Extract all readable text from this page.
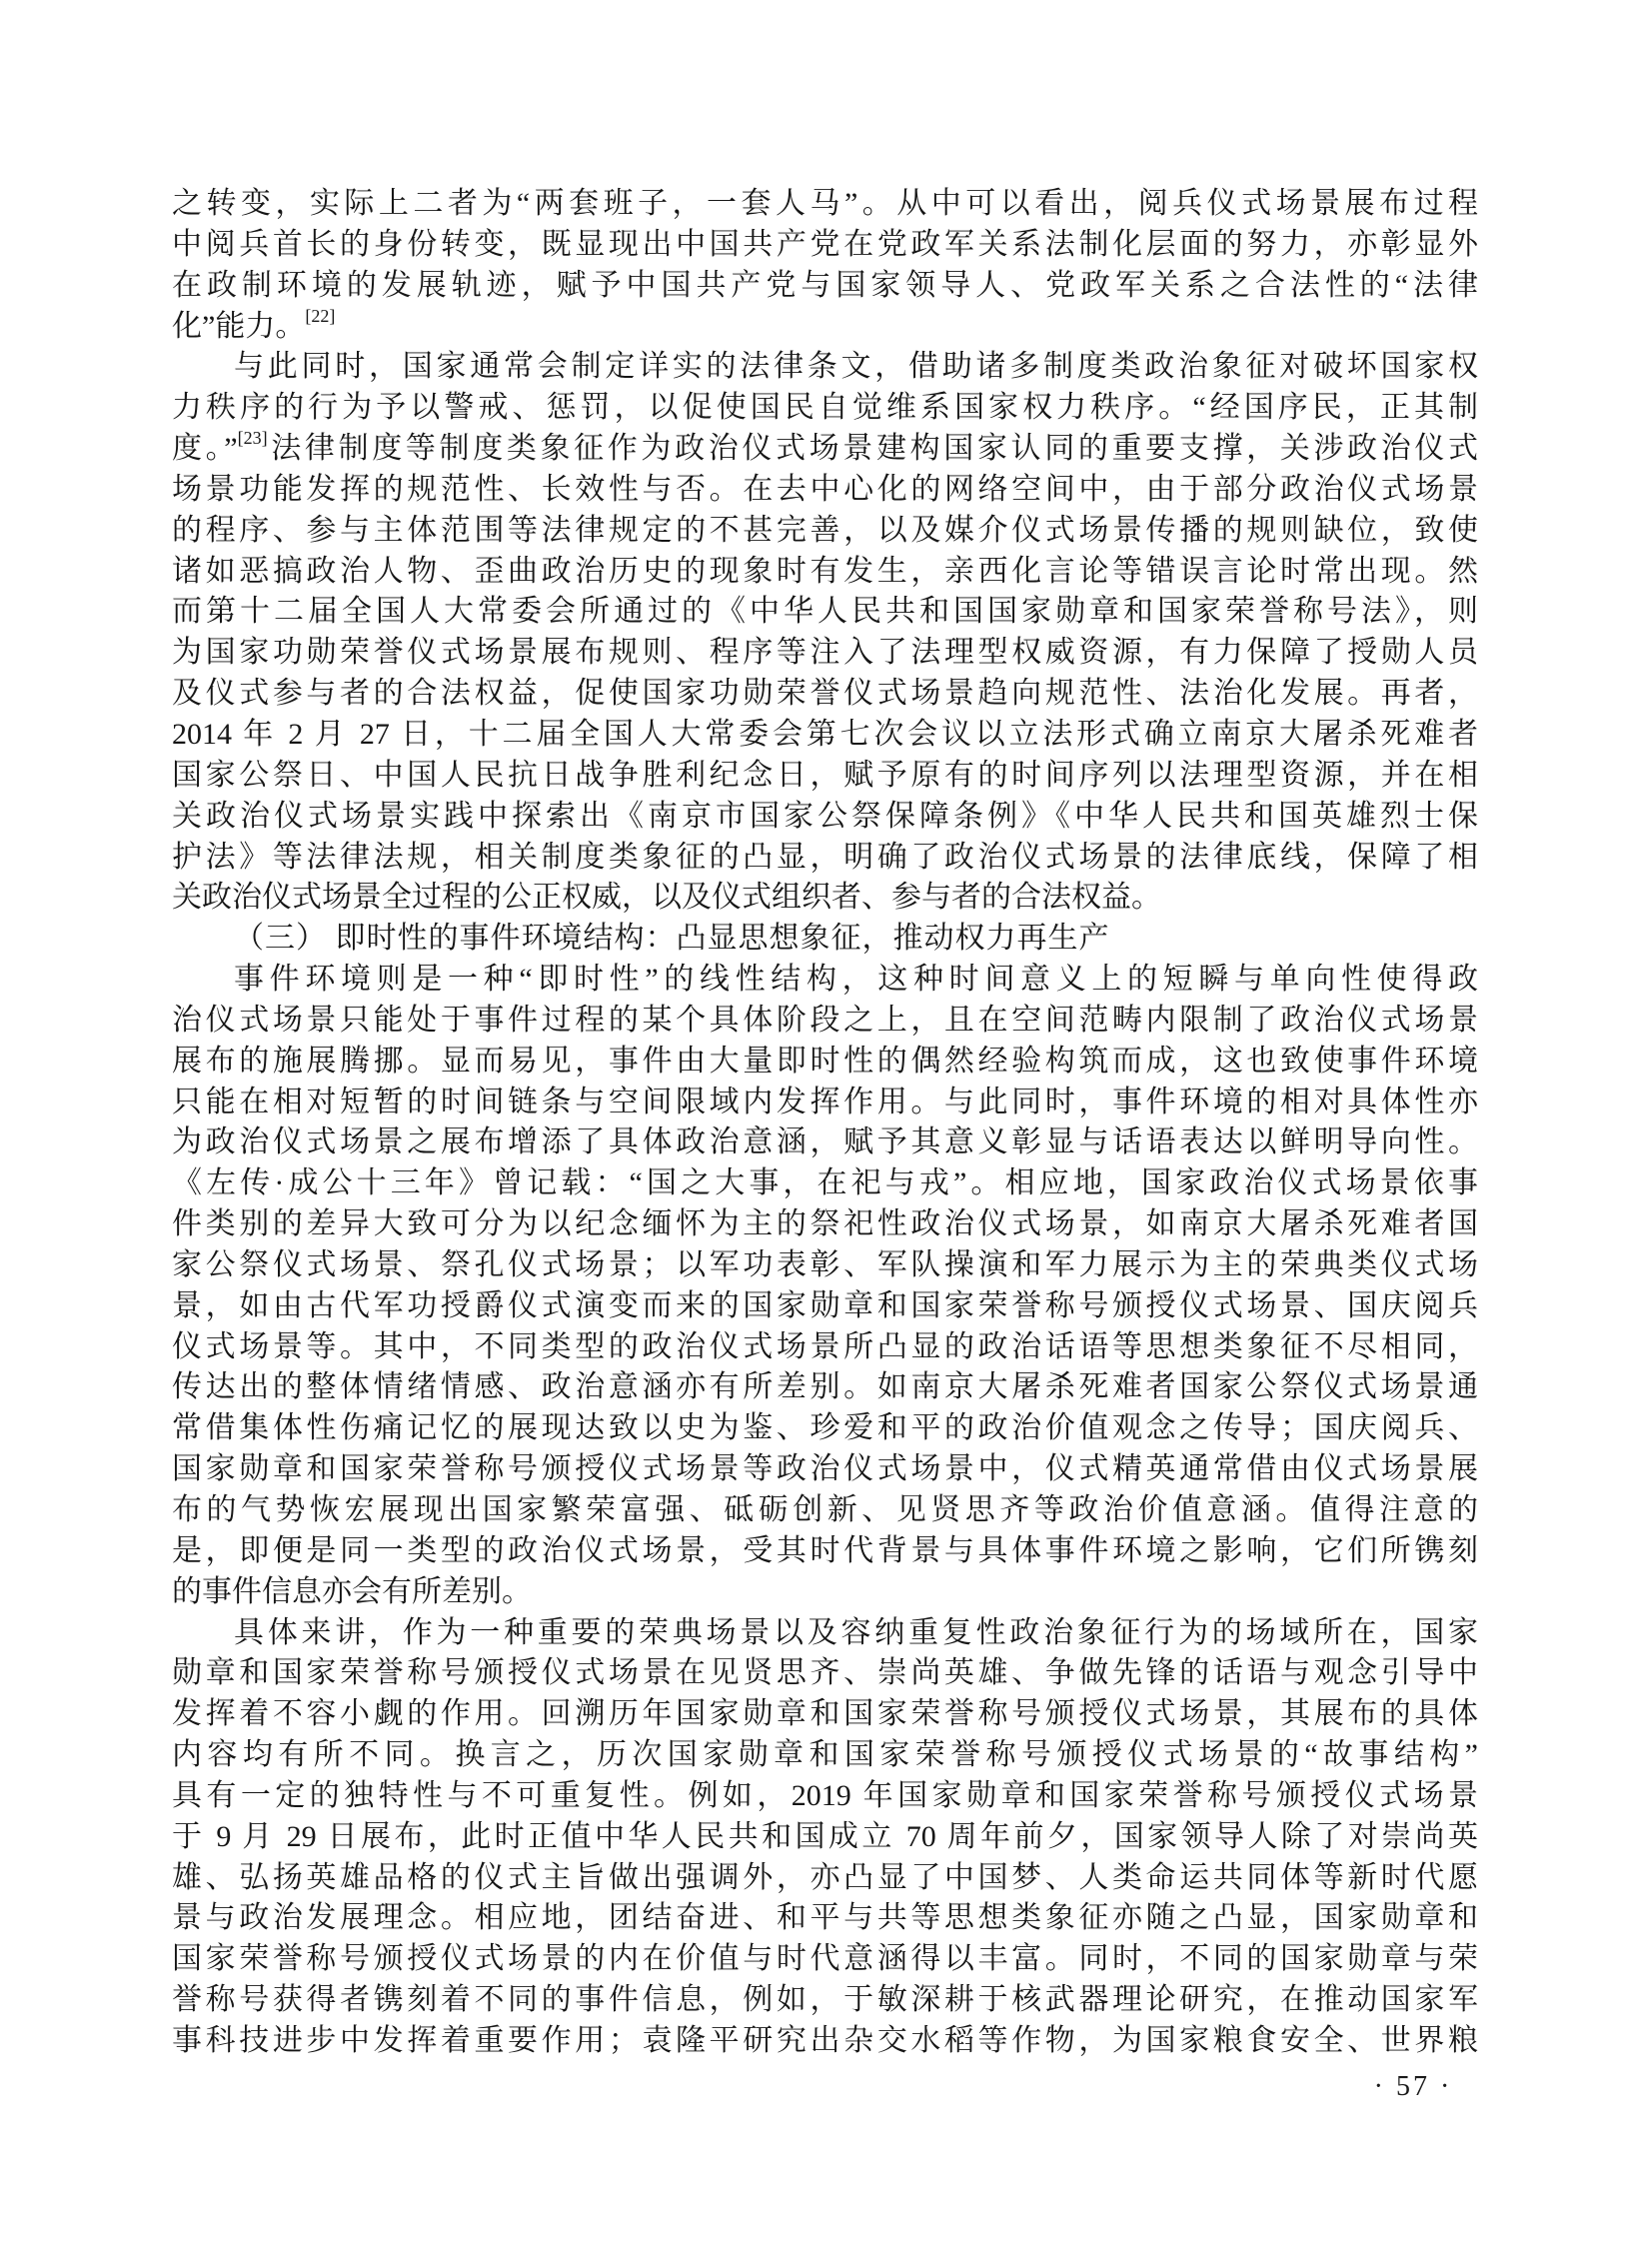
之转变，实际上二者为“两套班子，一套人马”。从中可以看出，阅兵仪式场景展布过程
中阅兵首长的身份转变，既显现出中国共产党在党政军关系法制化层面的努力，亦彰显外
在政制环境的发展轨迹，赋予中国共产党与国家领导人、党政军关系之合法性的“法律
化”能力。[22]
与此同时，国家通常会制定详实的法律条文，借助诸多制度类政治象征对破坏国家权
力秩序的行为予以警戒、惩罚，以促使国民自觉维系国家权力秩序。“经国序民，正其制
度。”[23]法律制度等制度类象征作为政治仪式场景建构国家认同的重要支撑，关涉政治仪式
场景功能发挥的规范性、长效性与否。在去中心化的网络空间中，由于部分政治仪式场景
的程序、参与主体范围等法律规定的不甚完善，以及媒介仪式场景传播的规则缺位，致使
诸如恶搞政治人物、歪曲政治历史的现象时有发生，亲西化言论等错误言论时常出现。然
而第十二届全国人大常委会所通过的《中华人民共和国国家勋章和国家荣誉称号法》，则
为国家功勋荣誉仪式场景展布规则、程序等注入了法理型权威资源，有力保障了授勋人员
及仪式参与者的合法权益，促使国家功勋荣誉仪式场景趋向规范性、法治化发展。再者，
2014 年 2 月 27 日，十二届全国人大常委会第七次会议以立法形式确立南京大屠杀死难者
国家公祭日、中国人民抗日战争胜利纪念日，赋予原有的时间序列以法理型资源，并在相
关政治仪式场景实践中探索出《南京市国家公祭保障条例》《中华人民共和国英雄烈士保
护法》等法律法规，相关制度类象征的凸显，明确了政治仪式场景的法律底线，保障了相
关政治仪式场景全过程的公正权威，以及仪式组织者、参与者的合法权益。
（三） 即时性的事件环境结构：凸显思想象征，推动权力再生产
事件环境则是一种“即时性”的线性结构，这种时间意义上的短瞬与单向性使得政
治仪式场景只能处于事件过程的某个具体阶段之上，且在空间范畴内限制了政治仪式场景
展布的施展腾挪。显而易见，事件由大量即时性的偶然经验构筑而成，这也致使事件环境
只能在相对短暂的时间链条与空间限域内发挥作用。与此同时，事件环境的相对具体性亦
为政治仪式场景之展布增添了具体政治意涵，赋予其意义彰显与话语表达以鲜明导向性。
《左传·成公十三年》曾记载：“国之大事，在祀与戎”。相应地，国家政治仪式场景依事
件类别的差异大致可分为以纪念缅怀为主的祭祀性政治仪式场景，如南京大屠杀死难者国
家公祭仪式场景、祭孔仪式场景；以军功表彰、军队操演和军力展示为主的荣典类仪式场
景，如由古代军功授爵仪式演变而来的国家勋章和国家荣誉称号颁授仪式场景、国庆阅兵
仪式场景等。其中，不同类型的政治仪式场景所凸显的政治话语等思想类象征不尽相同，
传达出的整体情绪情感、政治意涵亦有所差别。如南京大屠杀死难者国家公祭仪式场景通
常借集体性伤痛记忆的展现达致以史为鉴、珍爱和平的政治价值观念之传导；国庆阅兵、
国家勋章和国家荣誉称号颁授仪式场景等政治仪式场景中，仪式精英通常借由仪式场景展
布的气势恢宏展现出国家繁荣富强、砥砺创新、见贤思齐等政治价值意涵。值得注意的
是，即便是同一类型的政治仪式场景，受其时代背景与具体事件环境之影响，它们所镌刻
的事件信息亦会有所差别。
具体来讲，作为一种重要的荣典场景以及容纳重复性政治象征行为的场域所在，国家
勋章和国家荣誉称号颁授仪式场景在见贤思齐、崇尚英雄、争做先锋的话语与观念引导中
发挥着不容小觑的作用。回溯历年国家勋章和国家荣誉称号颁授仪式场景，其展布的具体
内容均有所不同。换言之，历次国家勋章和国家荣誉称号颁授仪式场景的“故事结构”
具有一定的独特性与不可重复性。例如，2019 年国家勋章和国家荣誉称号颁授仪式场景
于 9 月 29 日展布，此时正值中华人民共和国成立 70 周年前夕，国家领导人除了对崇尚英
雄、弘扬英雄品格的仪式主旨做出强调外，亦凸显了中国梦、人类命运共同体等新时代愿
景与政治发展理念。相应地，团结奋进、和平与共等思想类象征亦随之凸显，国家勋章和
国家荣誉称号颁授仪式场景的内在价值与时代意涵得以丰富。同时，不同的国家勋章与荣
誉称号获得者镌刻着不同的事件信息，例如，于敏深耕于核武器理论研究，在推动国家军
事科技进步中发挥着重要作用；袁隆平研究出杂交水稻等作物，为国家粮食安全、世界粮
· 57 ·
